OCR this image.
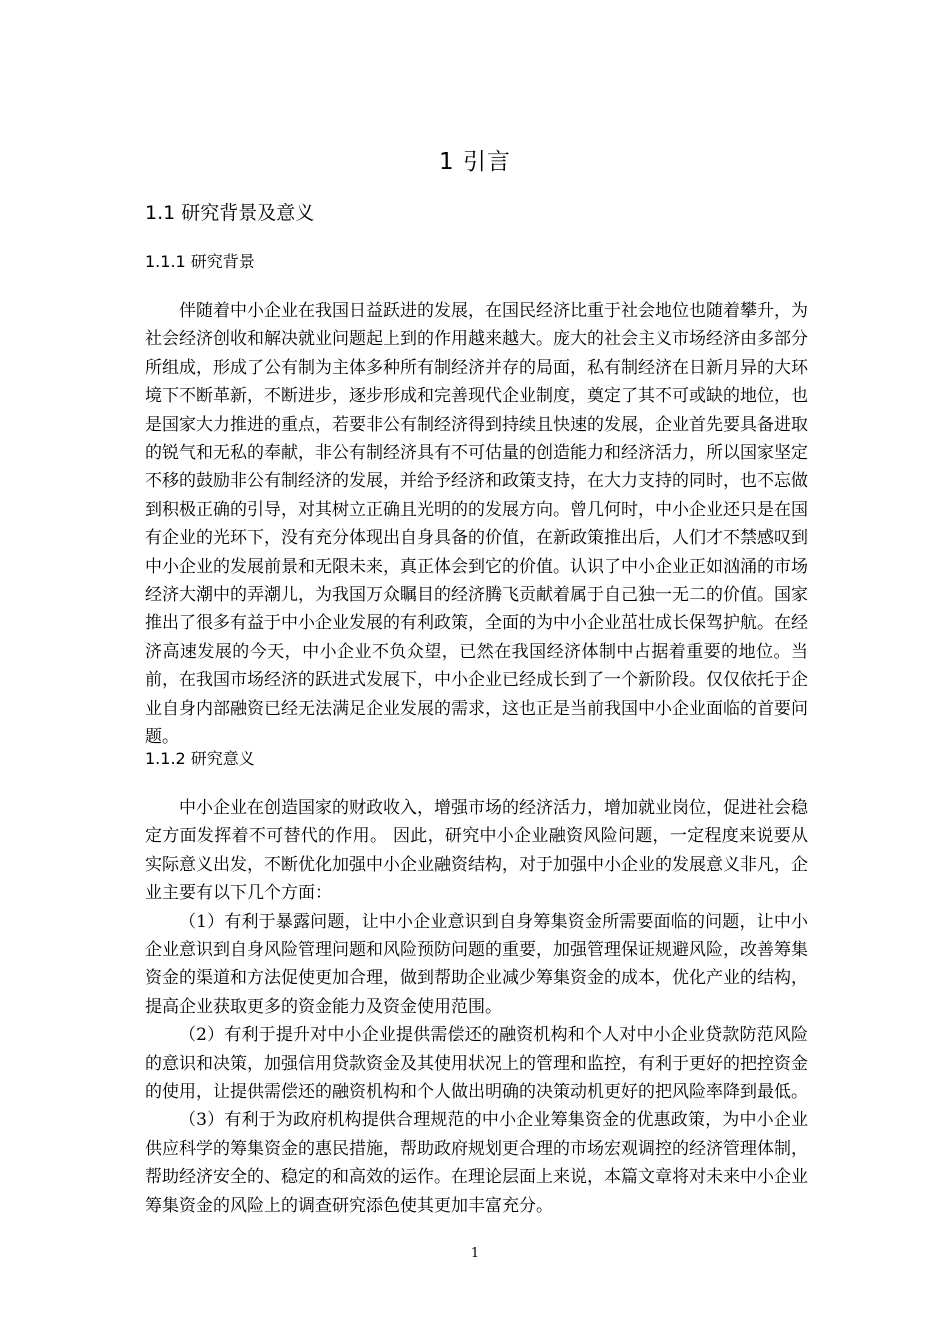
1 引言
1.1 研究背景及意义
1.1.1 研究背景

伴随着中小企业在我国日益跃进的发展，在国民经济比重于社会地位也随着攀升，为社会经济创收和解决就业问题起上到的作用越来越大。庞大的社会主义市场经济由多部分所组成，形成了公有制为主体多种所有制经济并存的局面，私有制经济在日新月异的大环境下不断革新，不断进步，逐步形成和完善现代企业制度，奠定了其不可或缺的地位，也是国家大力推进的重点，若要非公有制经济得到持续且快速的发展，企业首先要具备进取的锐气和无私的奉献，非公有制经济具有不可估量的创造能力和经济活力，所以国家坚定不移的鼓励非公有制经济的发展，并给予经济和政策支持，在大力支持的同时，也不忘做到积极正确的引导，对其树立正确且光明的的发展方向。曾几何时，中小企业还只是在国有企业的光环下，没有充分体现出自身具备的价值，在新政策推出后，人们才不禁感叹到中小企业的发展前景和无限未来，真正体会到它的价值。认识了中小企业正如汹涌的市场经济大潮中的弄潮儿，为我国万众瞩目的经济腾飞贡献着属于自己独一无二的价值。国家推出了很多有益于中小企业发展的有利政策，全面的为中小企业茁壮成长保驾护航。在经济高速发展的今天，中小企业不负众望，已然在我国经济体制中占据着重要的地位。当前，在我国市场经济的跃进式发展下，中小企业已经成长到了一个新阶段。仅仅依托于企业自身内部融资已经无法满足企业发展的需求，这也正是当前我国中小企业面临的首要问题。

1.1.2 研究意义

中小企业在创造国家的财政收入，增强市场的经济活力，增加就业岗位，促进社会稳定方面发挥着不可替代的作用。 因此，研究中小企业融资风险问题，一定程度来说要从实际意义出发，不断优化加强中小企业融资结构，对于加强中小企业的发展意义非凡，企业主要有以下几个方面：

（1）有利于暴露问题，让中小企业意识到自身筹集资金所需要面临的问题，让中小企业意识到自身风险管理问题和风险预防问题的重要，加强管理保证规避风险，改善筹集资金的渠道和方法促使更加合理，做到帮助企业减少筹集资金的成本，优化产业的结构，提高企业获取更多的资金能力及资金使用范围。

（2）有利于提升对中小企业提供需偿还的融资机构和个人对中小企业贷款防范风险的意识和决策，加强信用贷款资金及其使用状况上的管理和监控，有利于更好的把控资金的使用，让提供需偿还的融资机构和个人做出明确的决策动机更好的把风险率降到最低。

（3）有利于为政府机构提供合理规范的中小企业筹集资金的优惠政策，为中小企业供应科学的筹集资金的惠民措施，帮助政府规划更合理的市场宏观调控的经济管理体制，帮助经济安全的、稳定的和高效的运作。在理论层面上来说，本篇文章将对未来中小企业筹集资金的风险上的调查研究添色使其更加丰富充分。

1
